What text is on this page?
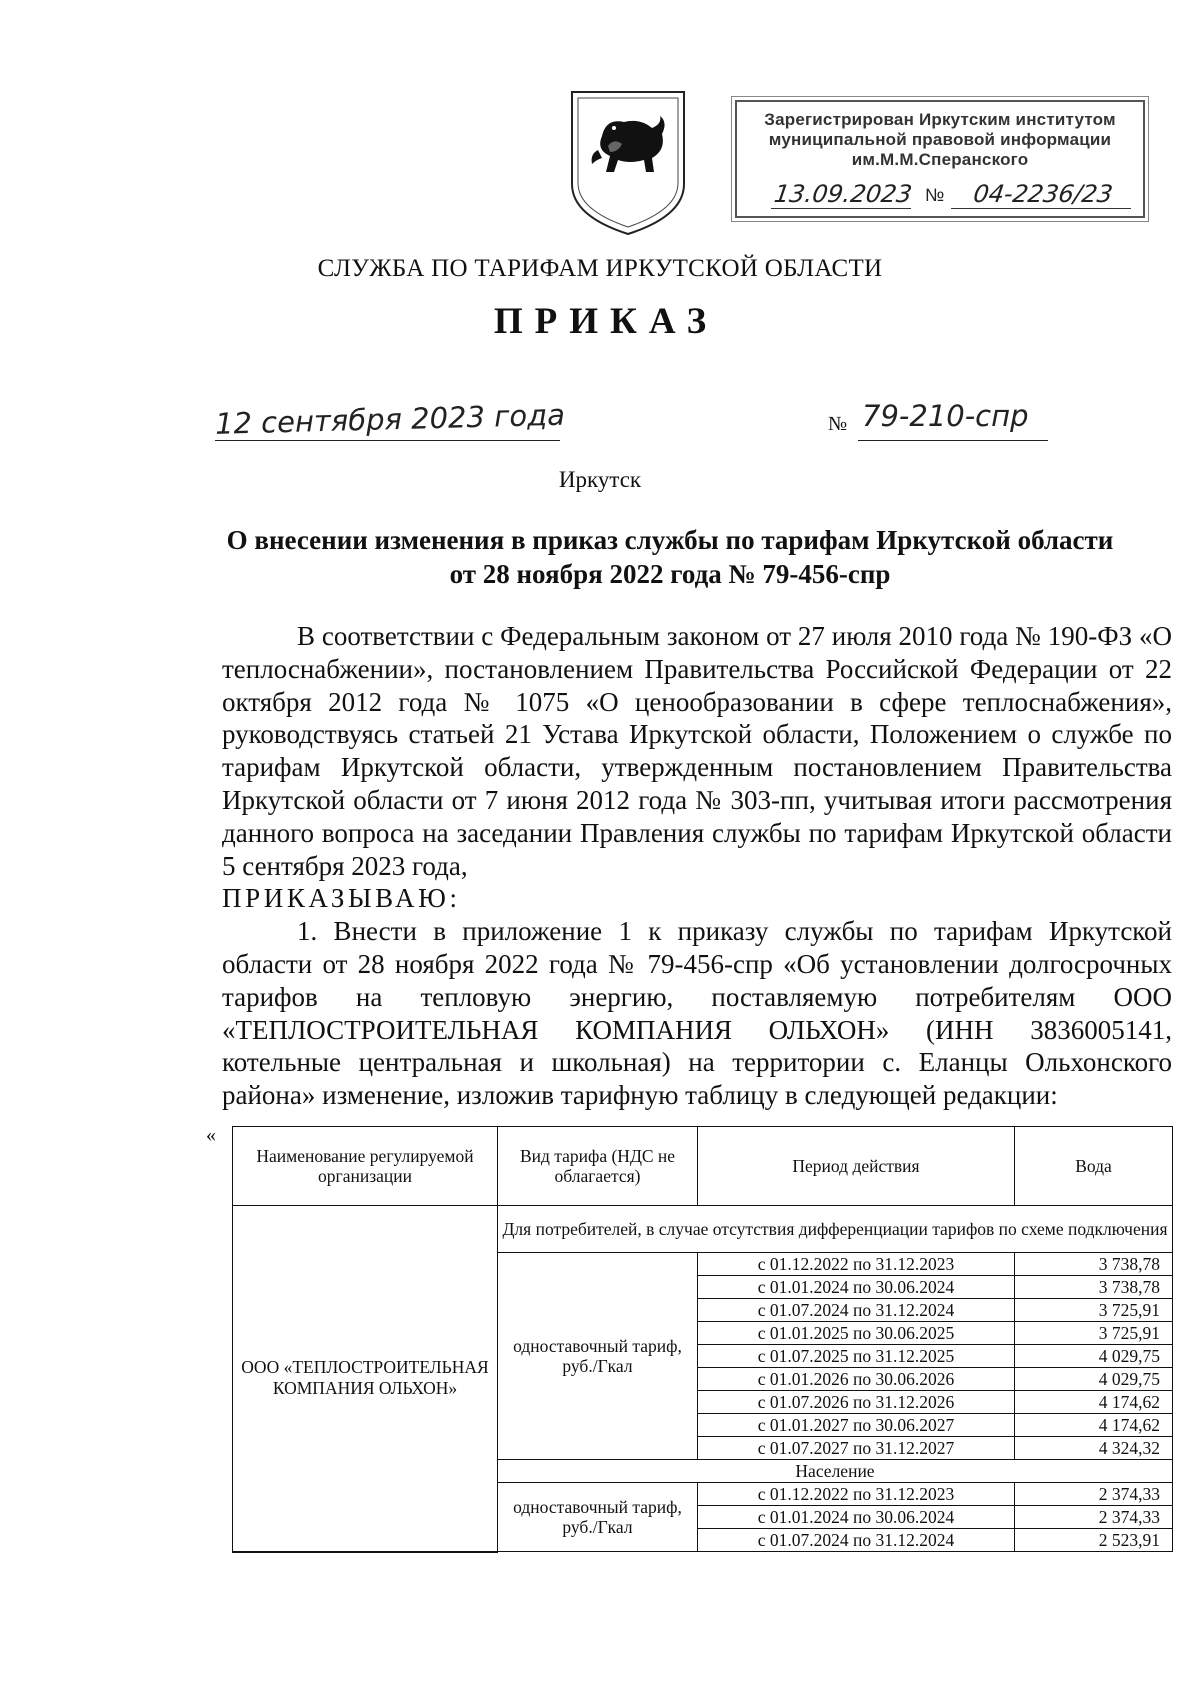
Зарегистрирован Иркутским институтом
муниципальной правовой информации
им.М.М.Сперанского
13.09.2023 №	04-2236/23
СЛУЖБА ПО ТАРИФАМ ИРКУТСКОЙ ОБЛАСТИ
ПРИКАЗ
12 сентября 2023 года	№ 79-210-спр
Иркутск
О внесении изменения в приказ службы по тарифам Иркутской области
от 28 ноября 2022 года № 79-456-спр

В соответствии с Федеральным законом от 27 июля 2010 года № 190-ФЗ «О теплоснабжении», постановлением Правительства Российской Федерации от 22 октября 2012 года № 1075 «О ценообразовании в сфере теплоснабжения», руководствуясь статьей 21 Устава Иркутской области, Положением о службе по тарифам Иркутской области, утвержденным постановлением Правительства Иркутской области от 7 июня 2012 года № 303-пп, учитывая итоги рассмотрения данного вопроса на заседании Правления службы по тарифам Иркутской области 5 сентября 2023 года,

ПРИКАЗЫВАЮ:

1. Внести в приложение 1 к приказу службы по тарифам Иркутской области от 28 ноября 2022 года № 79-456-спр «Об установлении долгосрочных тарифов на тепловую энергию, поставляемую потребителям ООО «ТЕПЛОСТРОИТЕЛЬНАЯ КОМПАНИЯ ОЛЬХОН» (ИНН 3836005141, котельные центральная и школьная) на территории с. Еланцы Ольхонского района» изменение, изложив тарифную таблицу в следующей редакции:

«
Наименование регулируемой организации	Вид тарифа (НДС не облагается)	Период действия	Вода
ООО «ТЕПЛОСТРОИТЕЛЬНАЯ КОМПАНИЯ ОЛЬХОН»	Для потребителей, в случае отсутствия дифференциации тарифов по схеме подключения		
	одноставочный тариф, руб./Гкал	с 01.12.2022 по 31.12.2023	3 738,78
		с 01.01.2024 по 30.06.2024	3 738,78
		с 01.07.2024 по 31.12.2024	3 725,91
		с 01.01.2025 по 30.06.2025	3 725,91
		с 01.07.2025 по 31.12.2025	4 029,75
		с 01.01.2026 по 30.06.2026	4 029,75
		с 01.07.2026 по 31.12.2026	4 174,62
		с 01.01.2027 по 30.06.2027	4 174,62
		с 01.07.2027 по 31.12.2027	4 324,32
	Население		
	одноставочный тариф, руб./Гкал	с 01.12.2022 по 31.12.2023	2 374,33
		с 01.01.2024 по 30.06.2024	2 374,33
		с 01.07.2024 по 31.12.2024	2 523,91
